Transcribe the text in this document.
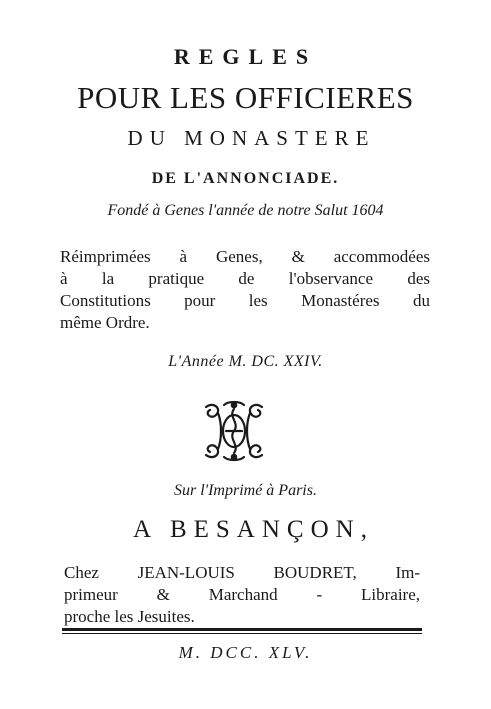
REGLES
POUR LES OFFICIERES
DU MONASTERE
DE L'ANNONCIADE.
Fondé à Genes l'année de notre Salut 1604
Réimprimées à Genes, & accommodées
à la pratique de l'observance des
Constitutions pour les Monastéres du
même Ordre.
L'Année M. DC. XXIV.
Sur l'Imprimé à Paris.
A BESANÇON,
Chez JEAN-LOUIS BOUDRET, Im-
primeur & Marchand - Libraire,
proche les Jesuites.
M. DCC. XLV.
